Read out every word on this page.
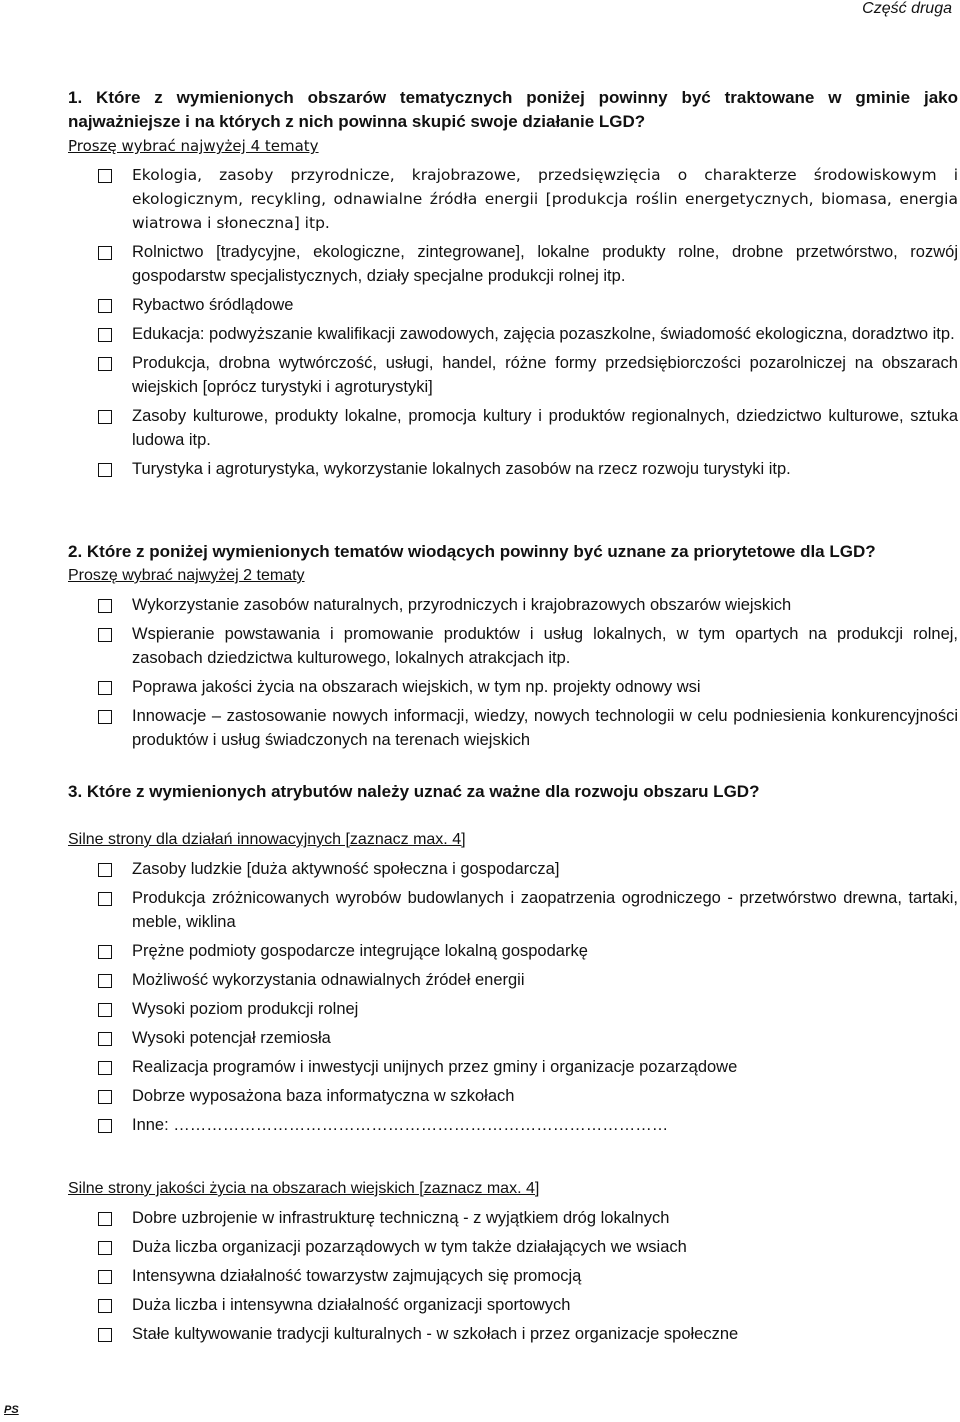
Część druga

1. Które z wymienionych obszarów tematycznych poniżej powinny być traktowane w gminie jako najważniejsze i na których z nich powinna skupić swoje działanie LGD?

Proszę wybrać najwyżej 4 tematy

Ekologia, zasoby przyrodnicze, krajobrazowe, przedsięwzięcia o charakterze środowiskowym i ekologicznym, recykling, odnawialne źródła energii [produkcja roślin energetycznych, biomasa, energia wiatrowa i słoneczna] itp.
Rolnictwo [tradycyjne, ekologiczne, zintegrowane], lokalne produkty rolne, drobne przetwórstwo, rozwój gospodarstw specjalistycznych, działy specjalne produkcji rolnej itp.
Rybactwo śródlądowe
Edukacja: podwyższanie kwalifikacji zawodowych, zajęcia pozaszkolne, świadomość ekologiczna, doradztwo itp.
Produkcja, drobna wytwórczość, usługi, handel, różne formy przedsiębiorczości pozarolniczej na obszarach wiejskich [oprócz turystyki i agroturystyki]
Zasoby kulturowe, produkty lokalne, promocja kultury i produktów regionalnych, dziedzictwo kulturowe, sztuka ludowa itp.
Turystyka i agroturystyka, wykorzystanie lokalnych zasobów na rzecz rozwoju turystyki itp.

2. Które z poniżej wymienionych tematów wiodących powinny być uznane za priorytetowe dla LGD?

Proszę wybrać najwyżej 2 tematy

Wykorzystanie zasobów naturalnych, przyrodniczych i krajobrazowych obszarów wiejskich
Wspieranie powstawania i promowanie produktów i usług lokalnych, w tym opartych na produkcji rolnej, zasobach dziedzictwa kulturowego, lokalnych atrakcjach itp.
Poprawa jakości życia na obszarach wiejskich, w tym np. projekty odnowy wsi
Innowacje – zastosowanie nowych informacji, wiedzy, nowych technologii w celu podniesienia konkurencyjności produktów i usług świadczonych na terenach wiejskich

3. Które z wymienionych atrybutów należy uznać za ważne dla rozwoju obszaru LGD?

Silne strony dla działań innowacyjnych [zaznacz max. 4]

Zasoby ludzkie [duża aktywność społeczna i gospodarcza]
Produkcja zróżnicowanych wyrobów budowlanych i zaopatrzenia ogrodniczego - przetwórstwo drewna, tartaki, meble, wiklina
Prężne podmioty gospodarcze integrujące lokalną gospodarkę
Możliwość wykorzystania odnawialnych źródeł energii
Wysoki poziom produkcji rolnej
Wysoki potencjał rzemiosła
Realizacja programów i inwestycji unijnych przez gminy i organizacje pozarządowe
Dobrze wyposażona baza informatyczna w szkołach
Inne: ………………………………………………………………………………

Silne strony jakości życia na obszarach wiejskich [zaznacz max. 4]

Dobre uzbrojenie w infrastrukturę techniczną - z wyjątkiem dróg lokalnych
Duża liczba organizacji pozarządowych w tym także działających we wsiach
Intensywna działalność towarzystw zajmujących się promocją
Duża liczba i intensywna działalność organizacji sportowych
Stałe kultywowanie tradycji kulturalnych - w szkołach i przez organizacje społeczne
PS
